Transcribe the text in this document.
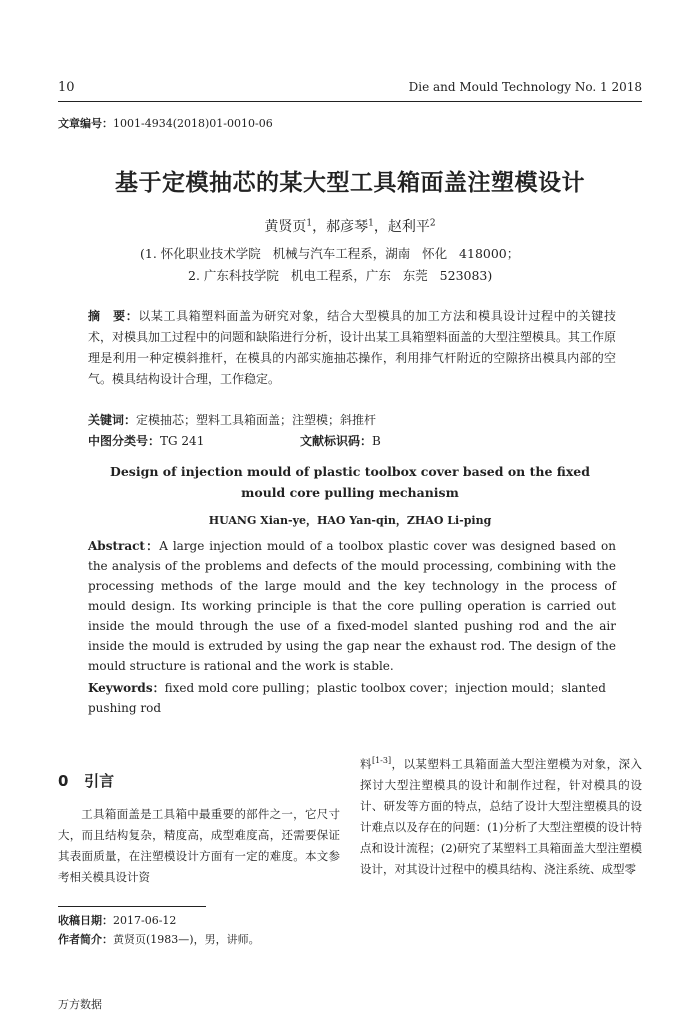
10	Die and Mould Technology No. 1 2018
文章编号：1001-4934(2018)01-0010-06
基于定模抽芯的某大型工具箱面盖注塑模设计
黄贤页$^1$，郝彦琴$^1$，赵利平$^2$
(1. 怀化职业技术学院   机械与汽车工程系，湖南   怀化   418000；
2. 广东科技学院   机电工程系，广东   东莞   523083)
摘　要：以某工具箱塑料面盖为研究对象，结合大型模具的加工方法和模具设计过程中的关键技术，对模具加工过程中的问题和缺陷进行分析，设计出某工具箱塑料面盖的大型注塑模具。其工作原理是利用一种定模斜推杆，在模具的内部实施抽芯操作，利用排气杆附近的空隙挤出模具内部的空气。模具结构设计合理，工作稳定。
关键词：定模抽芯；塑料工具箱面盖；注塑模；斜推杆
中图分类号：TG 241	文献标识码：B
Design of injection mould of plastic toolbox cover based on the fixed mould core pulling mechanism
HUANG Xian-ye，HAO Yan-qin，ZHAO Li-ping
Abstract：A large injection mould of a toolbox plastic cover was designed based on the analysis of the problems and defects of the mould processing, combining with the processing methods of the large mould and the key technology in the process of mould design. Its working principle is that the core pulling operation is carried out inside the mould through the use of a fixed-model slanted pushing rod and the air inside the mould is extruded by using the gap near the exhaust rod. The design of the mould structure is rational and the work is stable.
Keywords：fixed mold core pulling；plastic toolbox cover；injection mould；slanted pushing rod
0 引言
  工具箱面盖是工具箱中最重要的部件之一，它尺寸大，而且结构复杂，精度高，成型难度高，还需要保证其表面质量，在注塑模设计方面有一定的难度。本文参考相关模具设计资
料[1-3]，以某塑料工具箱面盖大型注塑模为对象，深入探讨大型注塑模具的设计和制作过程，针对模具的设计、研发等方面的特点，总结了设计大型注塑模具的设计难点以及存在的问题：(1)分析了大型注塑模的设计特点和设计流程；(2)研究了某塑料工具箱面盖大型注塑模设计，对其设计过程中的模具结构、浇注系统、成型零
收稿日期：2017-06-12
作者简介：黄贤页(1983—)，男，讲师。
万方数据
